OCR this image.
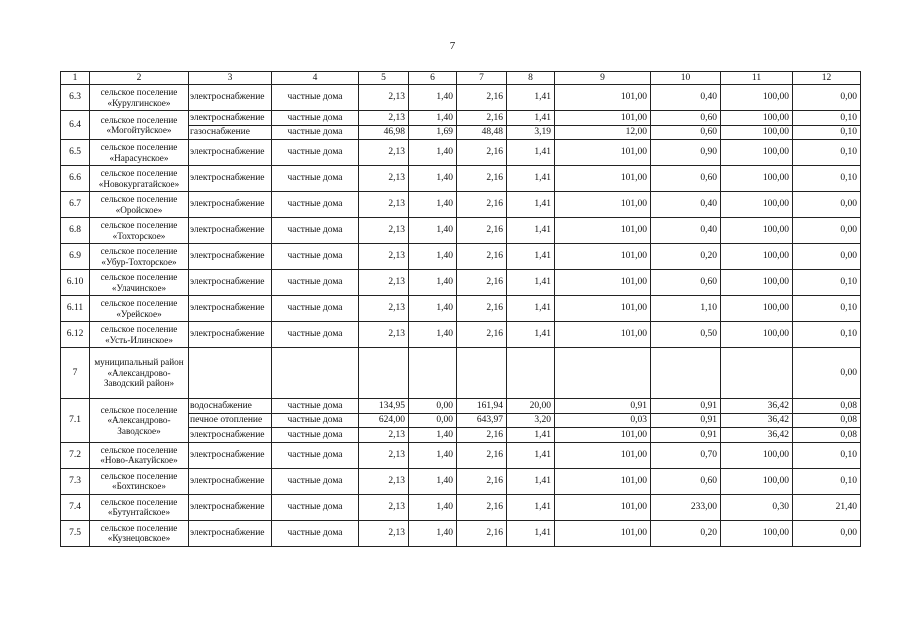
7
1	2	3	4	5	6	7	8	9	10	11	12
6.3	сельское поселение «Курулгинское»	электроснабжение	частные дома	2,13	1,40	2,16	1,41	101,00	0,40	100,00	0,00
6.4	сельское поселение «Могойтуйское»	электроснабжение	частные дома	2,13	1,40	2,16	1,41	101,00	0,60	100,00	0,10
		газоснабжение	частные дома	46,98	1,69	48,48	3,19	12,00	0,60	100,00	0,10
6.5	сельское поселение «Нарасунское»	электроснабжение	частные дома	2,13	1,40	2,16	1,41	101,00	0,90	100,00	0,10
6.6	сельское поселение «Новокургатайское»	электроснабжение	частные дома	2,13	1,40	2,16	1,41	101,00	0,60	100,00	0,10
6.7	сельское поселение «Оройское»	электроснабжение	частные дома	2,13	1,40	2,16	1,41	101,00	0,40	100,00	0,00
6.8	сельское поселение «Тохторское»	электроснабжение	частные дома	2,13	1,40	2,16	1,41	101,00	0,40	100,00	0,00
6.9	сельское поселение «Убур-Тохторское»	электроснабжение	частные дома	2,13	1,40	2,16	1,41	101,00	0,20	100,00	0,00
6.10	сельское поселение «Улачинское»	электроснабжение	частные дома	2,13	1,40	2,16	1,41	101,00	0,60	100,00	0,10
6.11	сельское поселение «Урейское»	электроснабжение	частные дома	2,13	1,40	2,16	1,41	101,00	1,10	100,00	0,10
6.12	сельское поселение «Усть-Илинское»	электроснабжение	частные дома	2,13	1,40	2,16	1,41	101,00	0,50	100,00	0,10
7	муниципальный район «Александрово-Заводский район»										0,00
7.1	сельское поселение «Александрово-Заводское»	водоснабжение	частные дома	134,95	0,00	161,94	20,00	0,91	0,91	36,42	0,08
		печное отопление	частные дома	624,00	0,00	643,97	3,20	0,03	0,91	36,42	0,08
		электроснабжение	частные дома	2,13	1,40	2,16	1,41	101,00	0,91	36,42	0,08
7.2	сельское поселение «Ново-Акатуйское»	электроснабжение	частные дома	2,13	1,40	2,16	1,41	101,00	0,70	100,00	0,10
7.3	сельское поселение «Бохтинское»	электроснабжение	частные дома	2,13	1,40	2,16	1,41	101,00	0,60	100,00	0,10
7.4	сельское поселение «Бутунтайское»	электроснабжение	частные дома	2,13	1,40	2,16	1,41	101,00	233,00	0,30	21,40
7.5	сельское поселение «Кузнецовское»	электроснабжение	частные дома	2,13	1,40	2,16	1,41	101,00	0,20	100,00	0,00
